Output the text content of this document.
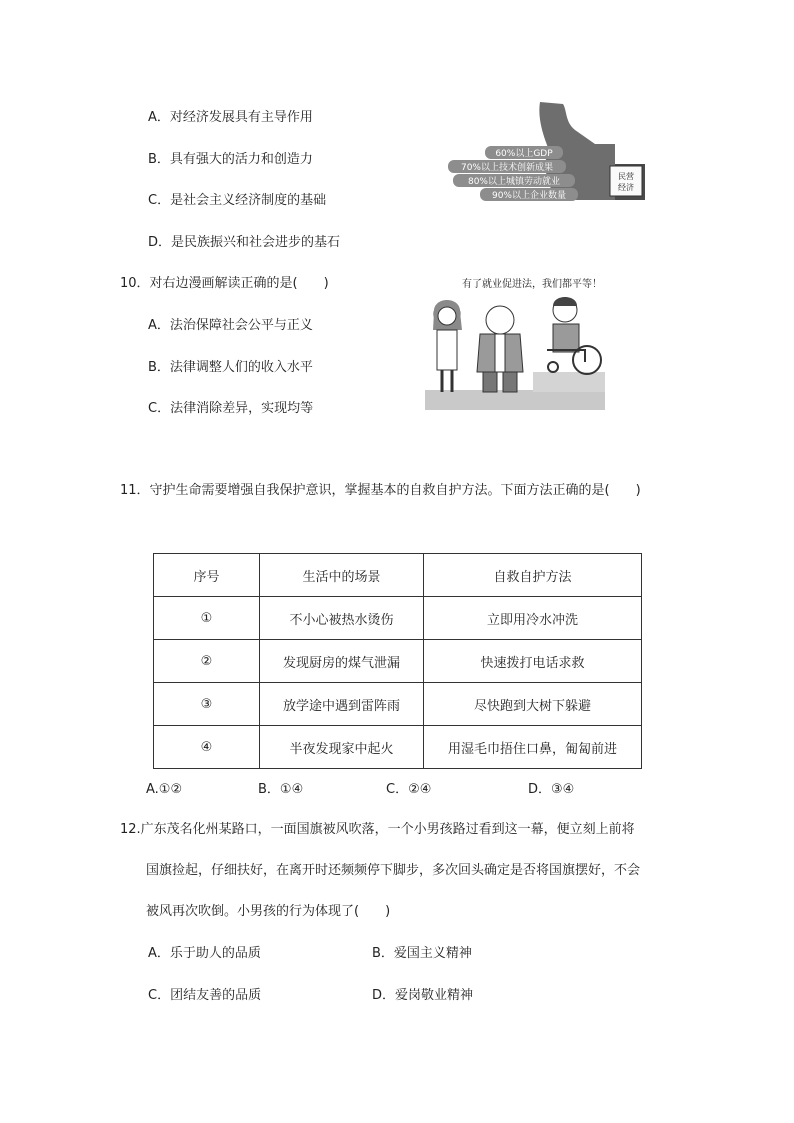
A．对经济发展具有主导作用
B．具有强大的活力和创造力
C．是社会主义经济制度的基础
D．是民族振兴和社会进步的基石
民营
经济
60%以上GDP
70%以上技术创新成果
80%以上城镇劳动就业
90%以上企业数量
10．对右边漫画解读正确的是(　　)
A．法治保障社会公平与正义
B．法律调整人们的收入水平
C．法律消除差异，实现均等
有了就业促进法，我们都平等！
11．守护生命需要增强自我保护意识，掌握基本的自救自护方法。下面方法正确的是(　　)
序号	生活中的场景	自救自护方法
①	不小心被热水烫伤	立即用冷水冲洗
②	发现厨房的煤气泄漏	快速拨打电话求救
③	放学途中遇到雷阵雨	尽快跑到大树下躲避
④	半夜发现家中起火	用湿毛巾捂住口鼻，匍匐前进
A.①②	B．①④	C．②④	D．③④
12.广东茂名化州某路口，一面国旗被风吹落，一个小男孩路过看到这一幕，便立刻上前将
国旗捡起，仔细扶好，在离开时还频频停下脚步，多次回头确定是否将国旗摆好，不会
被风再次吹倒。小男孩的行为体现了(　　)
A．乐于助人的品质	B．爱国主义精神
C．团结友善的品质	D．爱岗敬业精神
